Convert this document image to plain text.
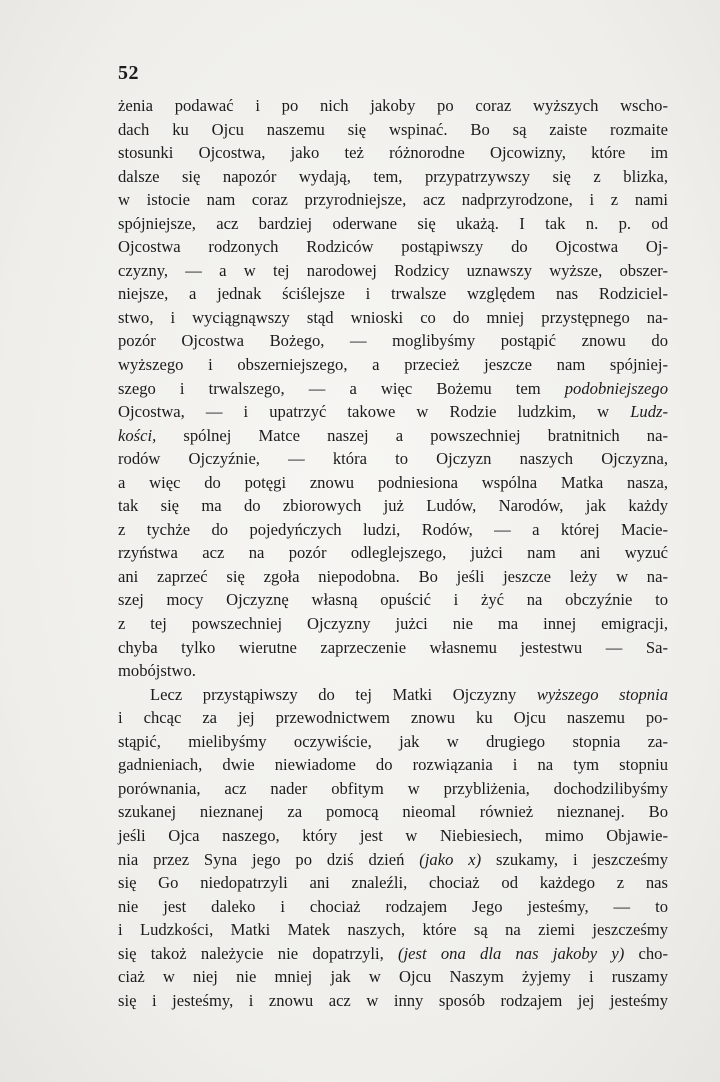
52
żenia podawać i po nich jakoby po coraz wyższych wscho-
dach ku Ojcu naszemu się wspinać. Bo są zaiste rozmaite
stosunki Ojcostwa, jako też różnorodne Ojcowizny, które im
dalsze się napozór wydają, tem, przypatrzywszy się z blizka,
w istocie nam coraz przyrodniejsze, acz nadprzyrodzone, i z nami
spójniejsze, acz bardziej oderwane się ukażą. I tak n. p. od
Ojcostwa rodzonych Rodziców postąpiwszy do Ojcostwa Oj-
czyzny, — a w tej narodowej Rodzicy uznawszy wyższe, obszer-
niejsze, a jednak ściślejsze i trwalsze względem nas Rodziciel-
stwo, i wyciągnąwszy stąd wnioski co do mniej przystępnego na-
pozór Ojcostwa Bożego, — moglibyśmy postąpić znowu do
wyższego i obszerniejszego, a przecież jeszcze nam spójniej-
szego i trwalszego, — a więc Bożemu tem podobniejszego
Ojcostwa, — i upatrzyć takowe w Rodzie ludzkim, w Ludz-
kości, spólnej Matce naszej a powszechniej bratnitnich na-
rodów Ojczyźnie, — która to Ojczyzn naszych Ojczyzna,
a więc do potęgi znowu podniesiona wspólna Matka nasza,
tak się ma do zbiorowych już Ludów, Narodów, jak każdy
z tychże do pojedyńczych ludzi, Rodów, — a której Macie-
rzyństwa acz na pozór odleglejszego, jużci nam ani wyzuć
ani zaprzeć się zgoła niepodobna. Bo jeśli jeszcze leży w na-
szej mocy Ojczyznę własną opuścić i żyć na obczyźnie to
z tej powszechniej Ojczyzny jużci nie ma innej emigracji,
chyba tylko wierutne zaprzeczenie własnemu jestestwu — Sa-
mobójstwo.
Lecz przystąpiwszy do tej Matki Ojczyzny wyższego stopnia
i chcąc za jej przewodnictwem znowu ku Ojcu naszemu po-
stąpić, mielibyśmy oczywiście, jak w drugiego stopnia za-
gadnieniach, dwie niewiadome do rozwiązania i na tym stopniu
porównania, acz nader obfitym w przybliżenia, dochodzilibyśmy
szukanej nieznanej za pomocą nieomal również nieznanej. Bo
jeśli Ojca naszego, który jest w Niebiesiech, mimo Objawie-
nia przez Syna jego po dziś dzień (jako x) szukamy, i jeszcześmy
się Go niedopatrzyli ani znaleźli, chociaż od każdego z nas
nie jest daleko i chociaż rodzajem Jego jesteśmy, — to
i Ludzkości, Matki Matek naszych, które są na ziemi jeszcześmy
się takoż należycie nie dopatrzyli, (jest ona dla nas jakoby y) cho-
ciaż w niej nie mniej jak w Ojcu Naszym żyjemy i ruszamy
się i jesteśmy, i znowu acz w inny sposób rodzajem jej jesteśmy
